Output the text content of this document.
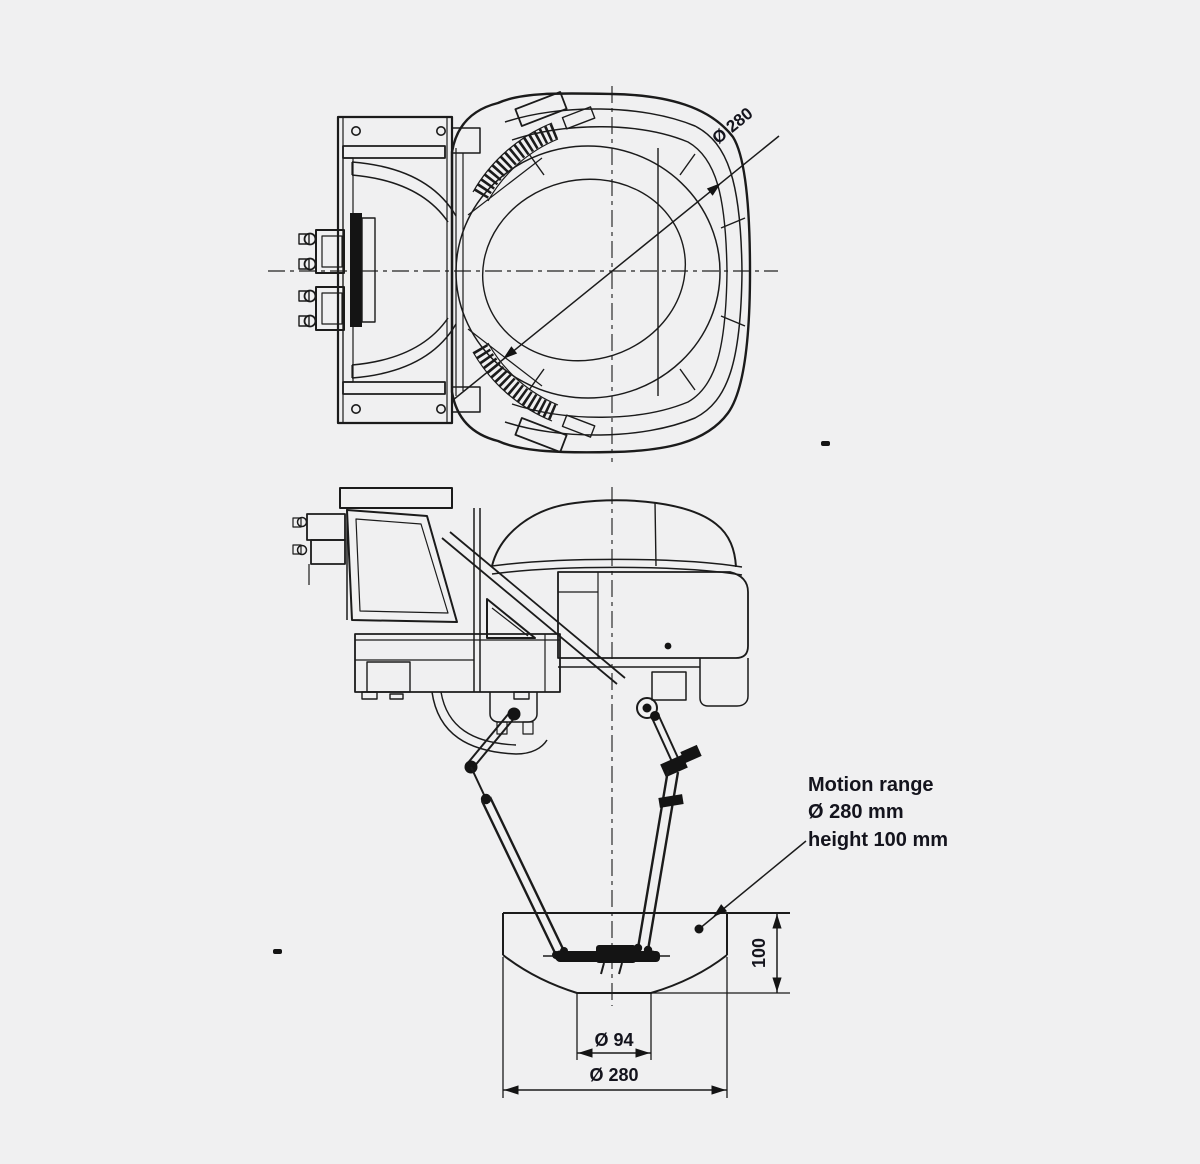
Ø 280
100
Ø 94
Ø 280
Motion range
Ø 280 mm
height 100 mm
